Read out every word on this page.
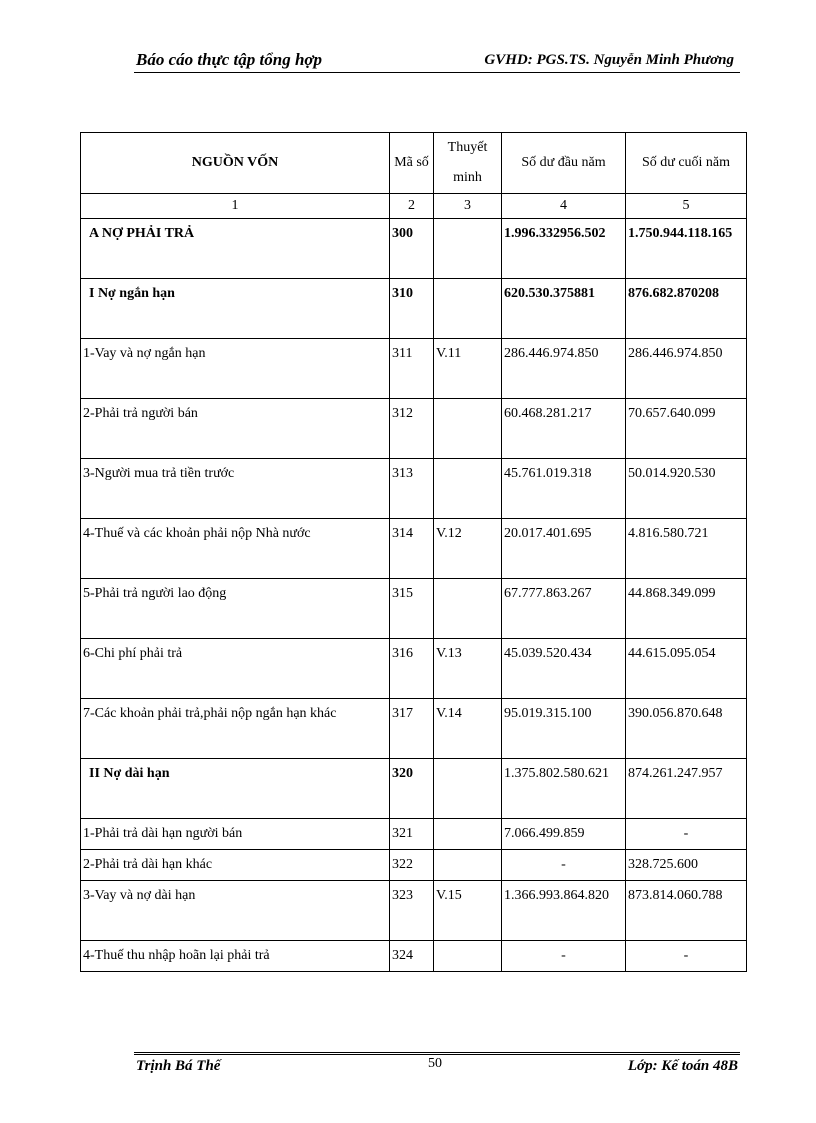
Báo cáo thực tập tổng hợp	GVHD: PGS.TS. Nguyễn Minh Phương
NGUỒN VỐN	Mã số	Thuyết minh	Số dư đầu năm	Số dư cuối năm
1	2	3	4	5
A NỢ PHẢI TRẢ	300		1.996.332956.502	1.750.944.118.165
I Nợ ngắn hạn	310		620.530.375881	876.682.870208
1-Vay và nợ ngắn hạn	311	V.11	286.446.974.850	286.446.974.850
2-Phải trả người bán	312		60.468.281.217	70.657.640.099
3-Người mua trả tiền trước	313		45.761.019.318	50.014.920.530
4-Thuế và các khoản phải nộp Nhà nước	314	V.12	20.017.401.695	4.816.580.721
5-Phải trả người lao động	315		67.777.863.267	44.868.349.099
6-Chi phí phải trả	316	V.13	45.039.520.434	44.615.095.054
7-Các khoản phải trả,phải nộp ngắn hạn khác	317	V.14	95.019.315.100	390.056.870.648
II Nợ dài hạn	320		1.375.802.580.621	874.261.247.957
1-Phải trả dài hạn người bán	321		7.066.499.859	-
2-Phải trả dài hạn khác	322		-	328.725.600
3-Vay và nợ dài hạn	323	V.15	1.366.993.864.820	873.814.060.788
4-Thuế thu nhập hoãn lại phải trả	324		-	-
Trịnh Bá Thế	50	Lớp: Kế toán 48B
